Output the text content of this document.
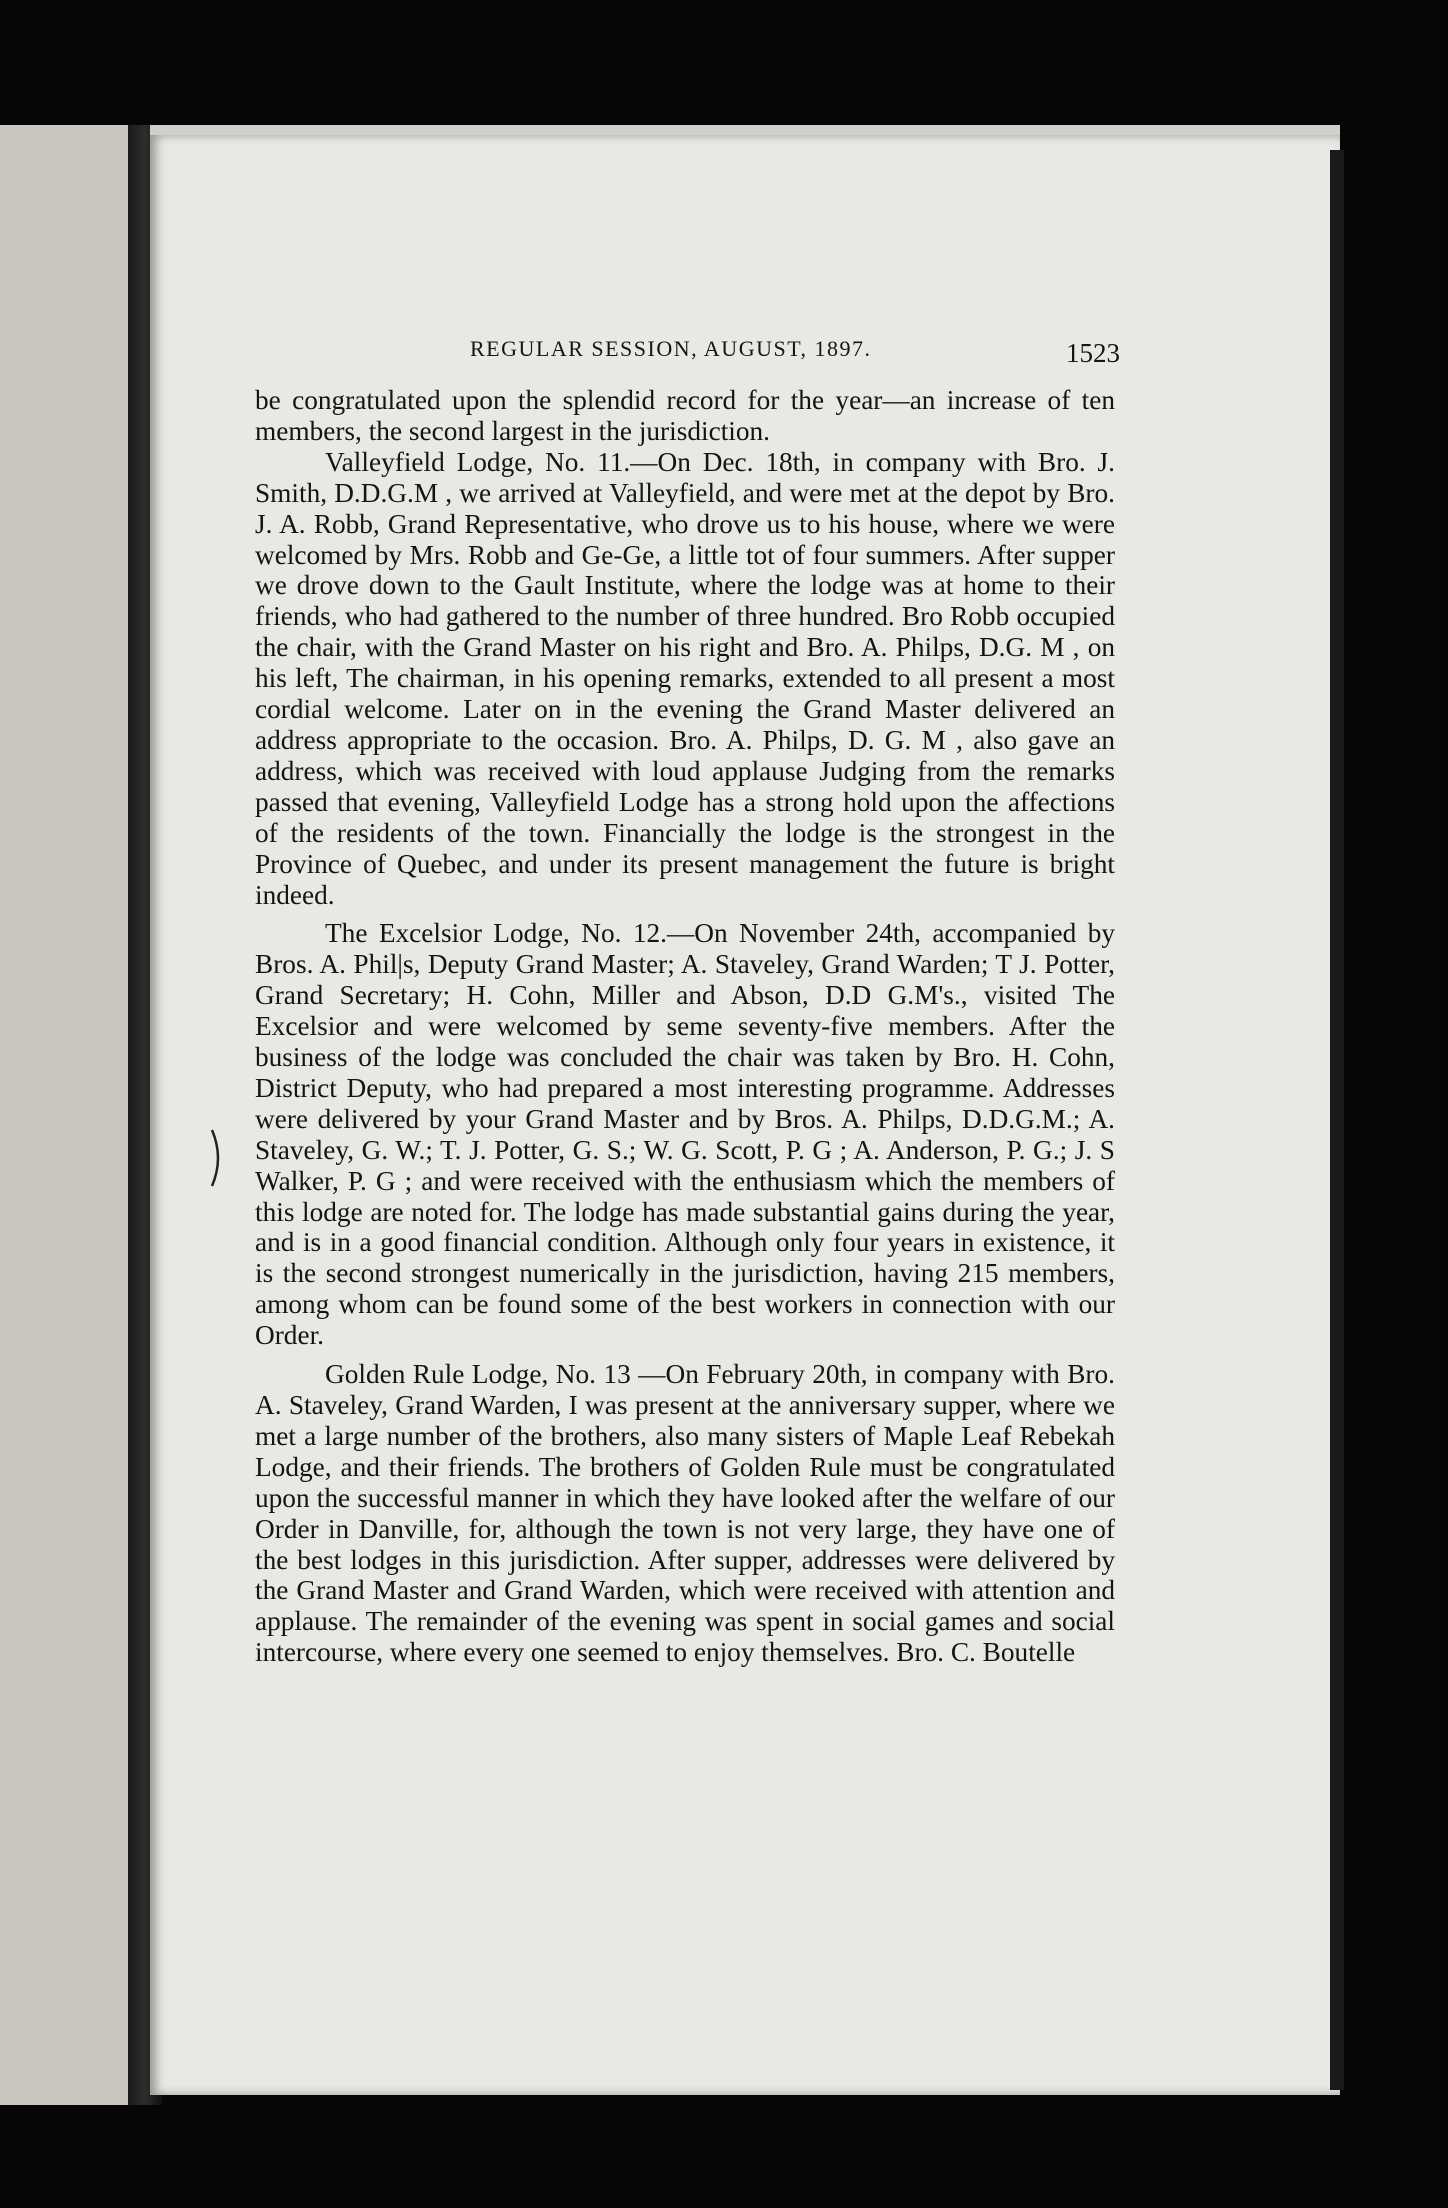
REGULAR SESSION, AUGUST, 1897.	1523

be congratulated upon the splendid record for the year—an increase of ten members, the second largest in the jurisdiction.

Valleyfield Lodge, No. 11.—On Dec. 18th, in company with Bro. J. Smith, D.D.G.M , we arrived at Valleyfield, and were met at the depot by Bro. J. A. Robb, Grand Representative, who drove us to his house, where we were welcomed by Mrs. Robb and Ge-Ge, a little tot of four summers. After supper we drove down to the Gault Institute, where the lodge was at home to their friends, who had gathered to the number of three hundred. Bro Robb occupied the chair, with the Grand Master on his right and Bro. A. Philps, D.G. M , on his left, The chairman, in his opening remarks, extended to all present a most cordial welcome. Later on in the evening the Grand Master delivered an address appropriate to the occasion. Bro. A. Philps, D. G. M , also gave an address, which was received with loud applause Judging from the remarks passed that evening, Valleyfield Lodge has a strong hold upon the affections of the residents of the town. Financially the lodge is the strongest in the Province of Quebec, and under its present management the future is bright indeed.

The Excelsior Lodge, No. 12.—On November 24th, accompanied by Bros. A. Phil|s, Deputy Grand Master; A. Staveley, Grand Warden; T J. Potter, Grand Secretary; H. Cohn, Miller and Abson, D.D G.M's., visited The Excelsior and were welcomed by seme seventy-five members. After the business of the lodge was concluded the chair was taken by Bro. H. Cohn, District Deputy, who had prepared a most interesting programme. Addresses were delivered by your Grand Master and by Bros. A. Philps, D.D.G.M.; A. Staveley, G. W.; T. J. Potter, G. S.; W. G. Scott, P. G ; A. Anderson, P. G.; J. S Walker, P. G ; and were received with the enthusiasm which the members of this lodge are noted for. The lodge has made substantial gains during the year, and is in a good financial condition. Although only four years in existence, it is the second strongest numerically in the jurisdiction, having 215 members, among whom can be found some of the best workers in connection with our Order.

Golden Rule Lodge, No. 13 —On February 20th, in company with Bro. A. Staveley, Grand Warden, I was present at the anniversary supper, where we met a large number of the brothers, also many sisters of Maple Leaf Rebekah Lodge, and their friends. The brothers of Golden Rule must be congratulated upon the successful manner in which they have looked after the welfare of our Order in Danville, for, although the town is not very large, they have one of the best lodges in this jurisdiction. After supper, addresses were delivered by the Grand Master and Grand Warden, which were received with attention and applause. The remainder of the evening was spent in social games and social intercourse, where every one seemed to enjoy themselves. Bro. C. Boutelle
